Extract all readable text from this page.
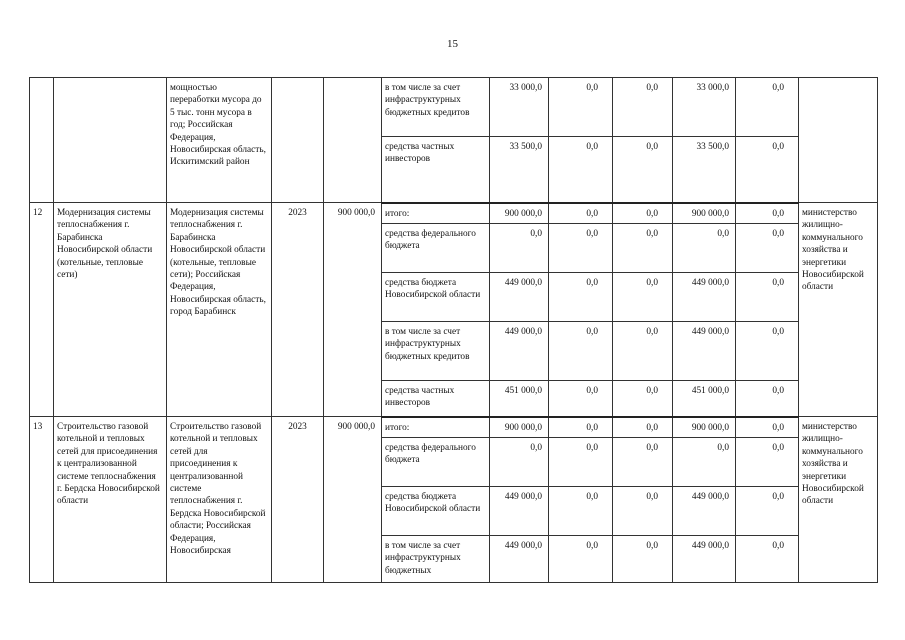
15
		мощностью переработки мусора до 5 тыс. тонн мусора в год; Российская Федерация, Новосибирская область, Искитимский район			в том числе за счет инфраструктурных бюджетных кредитов	33 000,0	0,0	0,0	33 000,0	0,0	
					средства частных инвесторов	33 500,0	0,0	0,0	33 500,0	0,0	
12	Модернизация системы теплоснабжения г. Барабинска Новосибирской области (котельные, тепловые сети)	Модернизация системы теплоснабжения г. Барабинска Новосибирской области (котельные, тепловые сети); Российская Федерация, Новосибирская область, город Барабинск	2023	900 000,0	итого:	900 000,0	0,0	0,0	900 000,0	0,0	министерство жилищно-коммунального хозяйства и энергетики Новосибирской области
					средства федерального бюджета	0,0	0,0	0,0	0,0	0,0	
					средства бюджета Новосибирской области	449 000,0	0,0	0,0	449 000,0	0,0	
					в том числе за счет инфраструктурных бюджетных кредитов	449 000,0	0,0	0,0	449 000,0	0,0	
					средства частных инвесторов	451 000,0	0,0	0,0	451 000,0	0,0	
13	Строительство газовой котельной и тепловых сетей для присоединения к централизованной системе теплоснабжения г. Бердска Новосибирской области	Строительство газовой котельной и тепловых сетей для присоединения к централизованной системе теплоснабжения г. Бердска Новосибирской области; Российская Федерация, Новосибирская	2023	900 000,0	итого:	900 000,0	0,0	0,0	900 000,0	0,0	министерство жилищно-коммунального хозяйства и энергетики Новосибирской области
					средства федерального бюджета	0,0	0,0	0,0	0,0	0,0	
					средства бюджета Новосибирской области	449 000,0	0,0	0,0	449 000,0	0,0	
					в том числе за счет инфраструктурных бюджетных	449 000,0	0,0	0,0	449 000,0	0,0	
